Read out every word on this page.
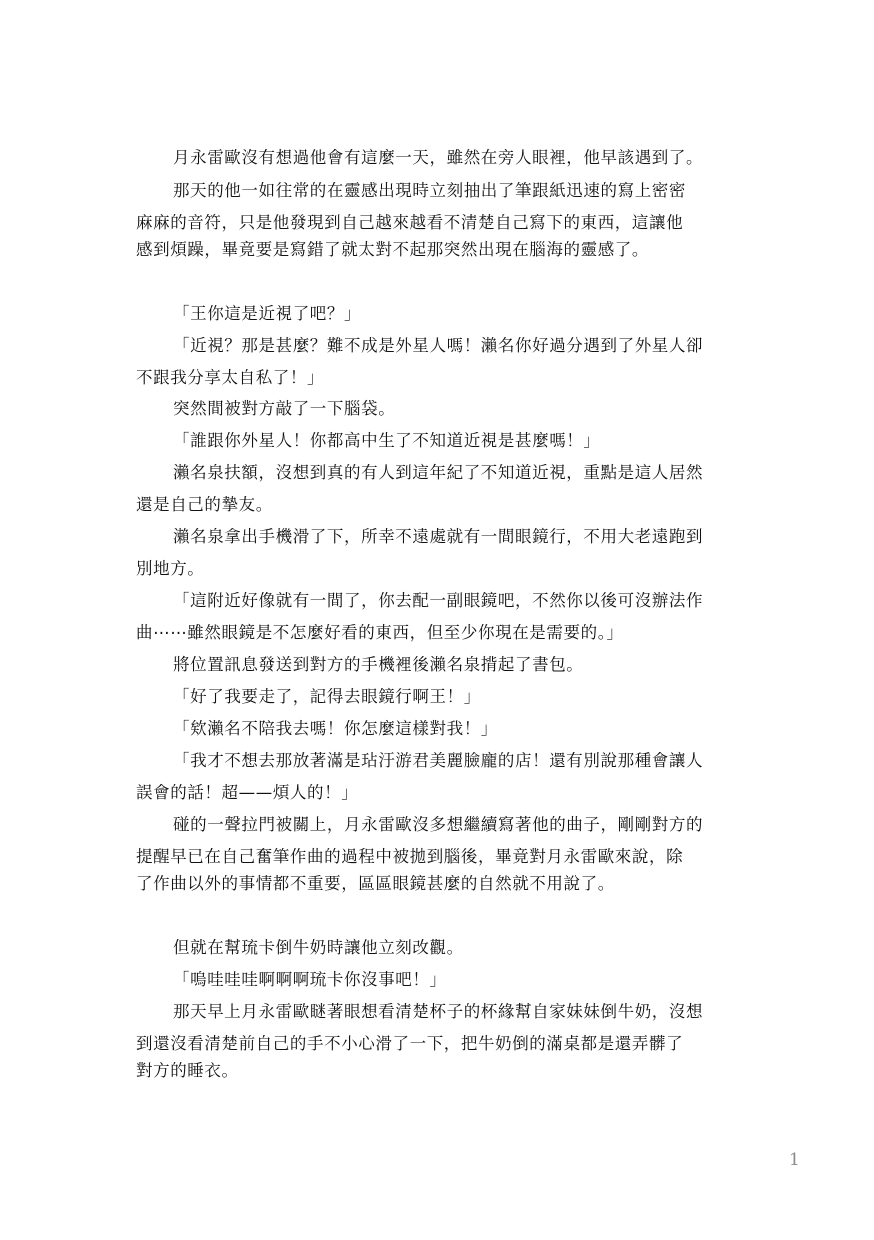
月永雷歐沒有想過他會有這麼一天，雖然在旁人眼裡，他早該遇到了。
那天的他一如往常的在靈感出現時立刻抽出了筆跟紙迅速的寫上密密
麻麻的音符，只是他發現到自己越來越看不清楚自己寫下的東西，這讓他
感到煩躁，畢竟要是寫錯了就太對不起那突然出現在腦海的靈感了。
「王你這是近視了吧？」
「近視？那是甚麼？難不成是外星人嗎！瀨名你好過分遇到了外星人卻
不跟我分享太自私了！」
突然間被對方敲了一下腦袋。
「誰跟你外星人！你都高中生了不知道近視是甚麼嗎！」
瀨名泉扶額，沒想到真的有人到這年紀了不知道近視，重點是這人居然
還是自己的摯友。
瀨名泉拿出手機滑了下，所幸不遠處就有一間眼鏡行，不用大老遠跑到
別地方。
「這附近好像就有一間了，你去配一副眼鏡吧，不然你以後可沒辦法作
曲⋯⋯雖然眼鏡是不怎麼好看的東西，但至少你現在是需要的。」
將位置訊息發送到對方的手機裡後瀨名泉揹起了書包。
「好了我要走了，記得去眼鏡行啊王！」
「欸瀨名不陪我去嗎！你怎麼這樣對我！」
「我才不想去那放著滿是玷汙游君美麗臉龐的店！還有別說那種會讓人
誤會的話！超——煩人的！」
碰的一聲拉門被關上，月永雷歐沒多想繼續寫著他的曲子，剛剛對方的
提醒早已在自己奮筆作曲的過程中被拋到腦後，畢竟對月永雷歐來說，除
了作曲以外的事情都不重要，區區眼鏡甚麼的自然就不用說了。
但就在幫琉卡倒牛奶時讓他立刻改觀。
「嗚哇哇哇啊啊啊琉卡你沒事吧！」
那天早上月永雷歐瞇著眼想看清楚杯子的杯緣幫自家妹妹倒牛奶，沒想
到還沒看清楚前自己的手不小心滑了一下，把牛奶倒的滿桌都是還弄髒了
對方的睡衣。
1
